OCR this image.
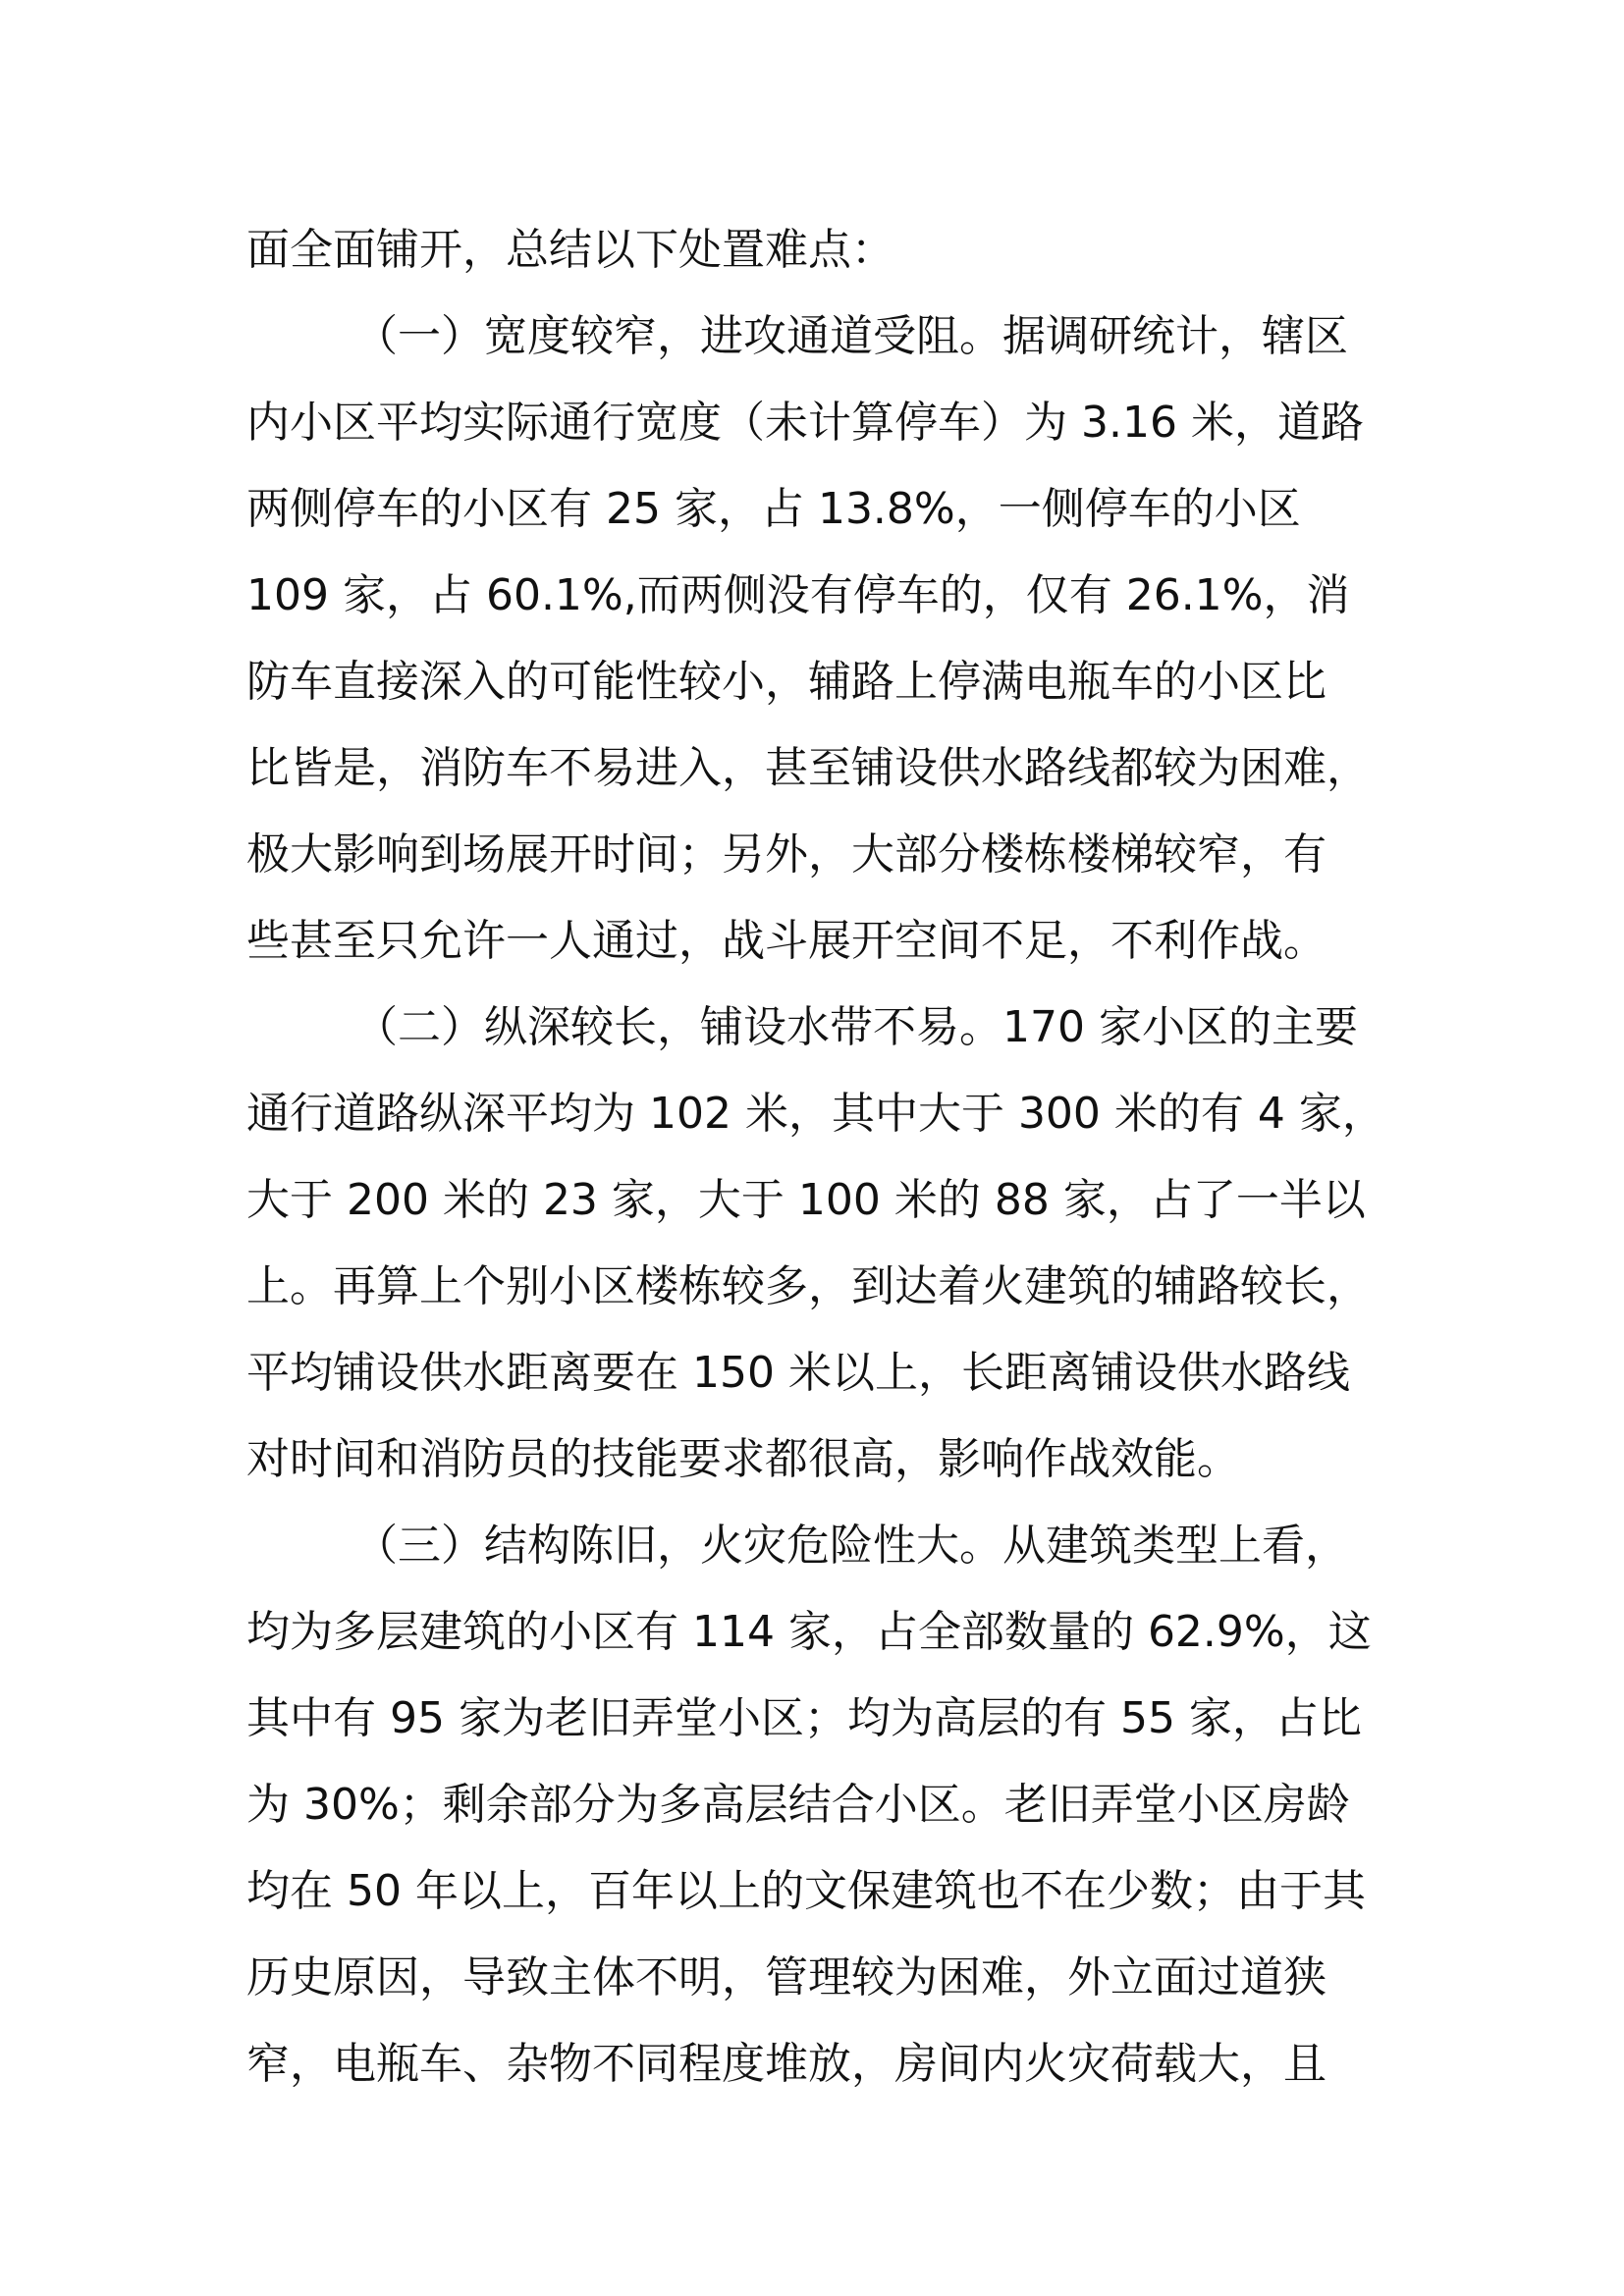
面全面铺开，总结以下处置难点：
（一）宽度较窄，进攻通道受阻。据调研统计，辖区
内小区平均实际通行宽度（未计算停车）为 3.16 米，道路
两侧停车的小区有 25 家，占 13.8%，一侧停车的小区
109 家，占 60.1%,而两侧没有停车的，仅有 26.1%，消
防车直接深入的可能性较小，辅路上停满电瓶车的小区比
比皆是，消防车不易进入，甚至铺设供水路线都较为困难，
极大影响到场展开时间；另外，大部分楼栋楼梯较窄，有
些甚至只允许一人通过，战斗展开空间不足，不利作战。
（二）纵深较长，铺设水带不易。170 家小区的主要
通行道路纵深平均为 102 米，其中大于 300 米的有 4 家，
大于 200 米的 23 家，大于 100 米的 88 家，占了一半以
上。再算上个别小区楼栋较多，到达着火建筑的辅路较长，
平均铺设供水距离要在 150 米以上，长距离铺设供水路线
对时间和消防员的技能要求都很高，影响作战效能。
（三）结构陈旧，火灾危险性大。从建筑类型上看，
均为多层建筑的小区有 114 家，占全部数量的 62.9%，这
其中有 95 家为老旧弄堂小区；均为高层的有 55 家，占比
为 30%；剩余部分为多高层结合小区。老旧弄堂小区房龄
均在 50 年以上，百年以上的文保建筑也不在少数；由于其
历史原因，导致主体不明，管理较为困难，外立面过道狭
窄，电瓶车、杂物不同程度堆放，房间内火灾荷载大，且
